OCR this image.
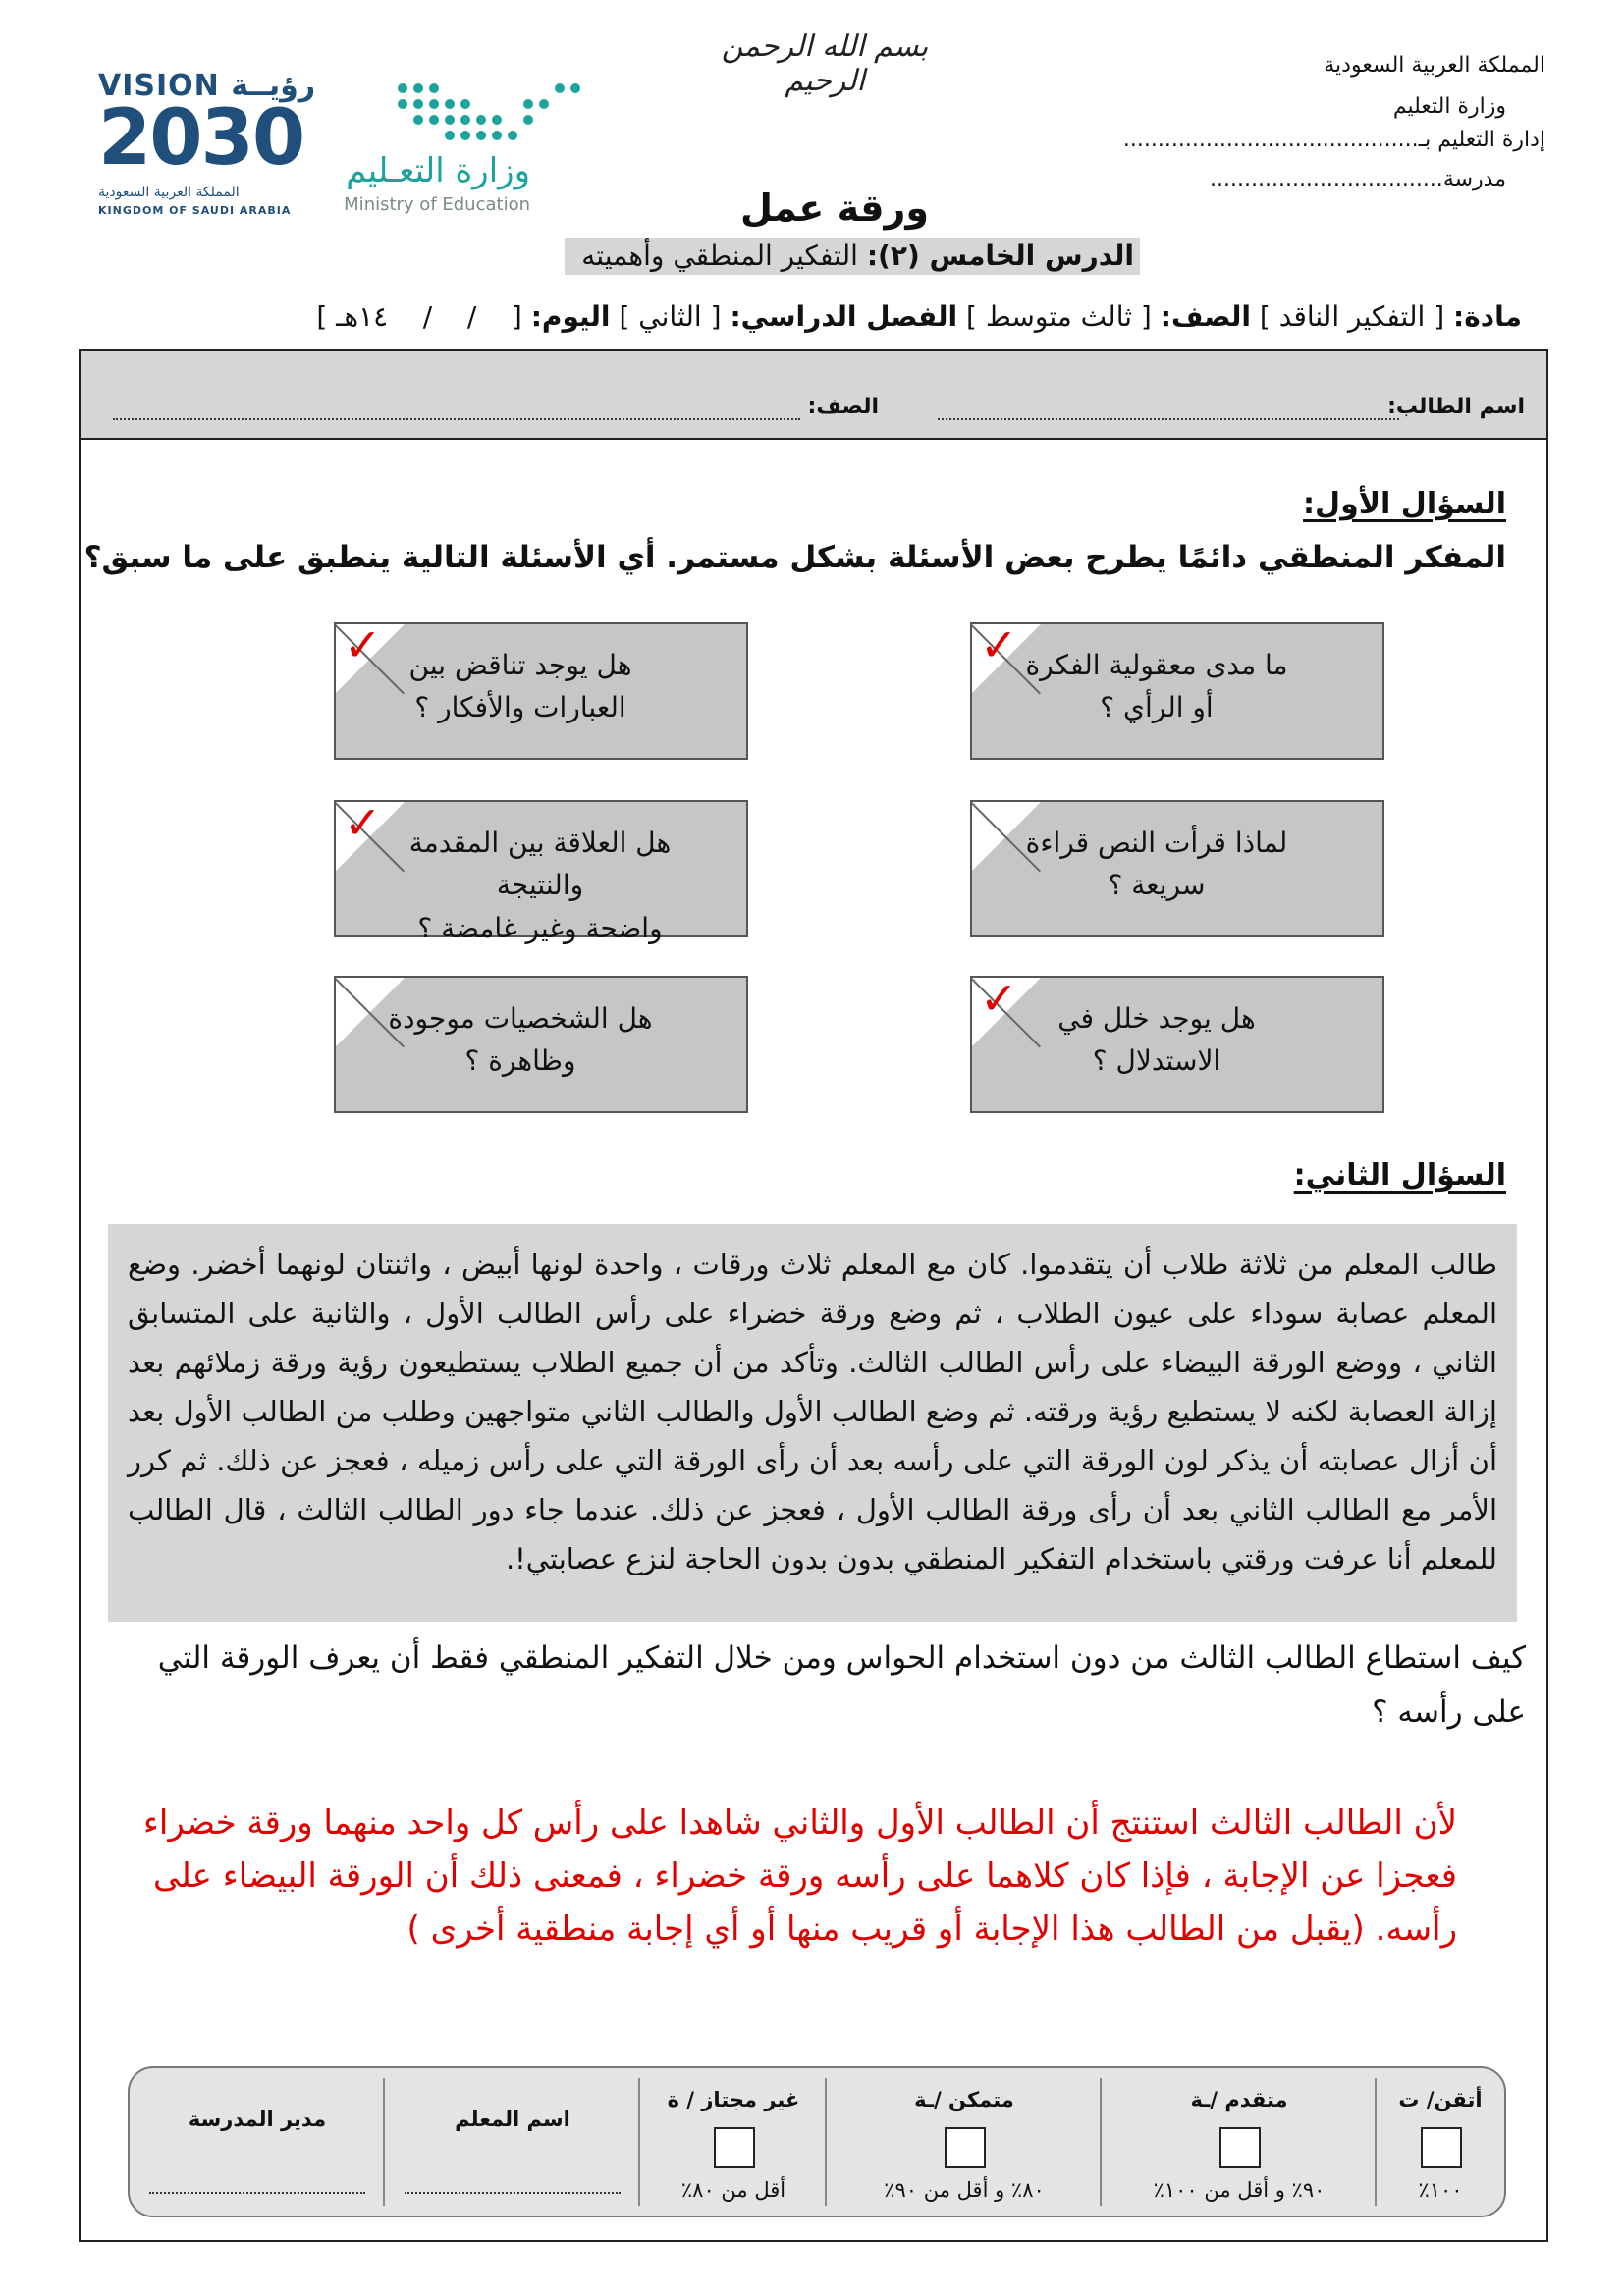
المملكة العربية السعودية
وزارة التعليم
إدارة التعليم بـ...........................................
مدرسة..................................
بسم الله الرحمن الرحيم
VISION رؤيــة
2030
المملكة العربية السعودية
KINGDOM OF SAUDI ARABIA
وزارة التعـليم
Ministry of Education	ورقة عمل
الدرس الخامس (٢): التفكير المنطقي وأهميته
مادة: [ التفكير الناقد ] الصف: [ ثالث متوسط ] الفصل الدراسي: [ الثاني ] اليوم: [    /    /    ١٤هـ ]
اسم الطالب:
الصف:
السؤال الأول:
المفكر المنطقي دائمًا يطرح بعض الأسئلة بشكل مستمر. أي الأسئلة التالية ينطبق على ما سبق؟
✓ ما مدى معقولية الفكرة
أو الرأي ؟
✓ هل يوجد تناقض بين
العبارات والأفكار ؟
لماذا قرأت النص قراءة
سريعة ؟
✓	هل العلاقة بين المقدمة والنتيجة
واضحة وغير غامضة ؟
✓	هل يوجد خلل في
الاستدلال ؟
هل الشخصيات موجودة
وظاهرة ؟
السؤال الثاني:

طالب المعلم من ثلاثة طلاب أن يتقدموا. كان مع المعلم ثلاث ورقات ، واحدة لونها أبيض ، واثنتان لونهما أخضر. وضع المعلم عصابة سوداء على عيون الطلاب ، ثم وضع ورقة خضراء على رأس الطالب الأول ، والثانية على المتسابق الثاني ، ووضع الورقة البيضاء على رأس الطالب الثالث. وتأكد من أن جميع الطلاب يستطيعون رؤية ورقة زملائهم بعد إزالة العصابة لكنه لا يستطيع رؤية ورقته. ثم وضع الطالب الأول والطالب الثاني متواجهين وطلب من الطالب الأول بعد أن أزال عصابته أن يذكر لون الورقة التي على رأسه بعد أن رأى الورقة التي على رأس زميله ، فعجز عن ذلك. ثم كرر الأمر مع الطالب الثاني بعد أن رأى ورقة الطالب الأول ، فعجز عن ذلك. عندما جاء دور الطالب الثالث ، قال الطالب للمعلم أنا عرفت ورقتي باستخدام التفكير المنطقي بدون بدون الحاجة لنزع عصابتي!.

كيف استطاع الطالب الثالث من دون استخدام الحواس ومن خلال التفكير المنطقي فقط أن يعرف الورقة التي على رأسه ؟
لأن الطالب الثالث استنتج أن الطالب الأول والثاني شاهدا على رأس كل واحد منهما ورقة خضراء فعجزا عن الإجابة ، فإذا كان كلاهما على رأسه ورقة خضراء ، فمعنى ذلك أن الورقة البيضاء على رأسه. (يقبل من الطالب هذا الإجابة أو قريب منها أو أي إجابة منطقية أخرى )
أتقن/ ت
١٠٠٪
متقدم /ـة
٩٠٪ و أقل من ١٠٠٪
متمكن /ـة
٨٠٪ و أقل من ٩٠٪
غير مجتاز / ة
أقل من ٨٠٪
اسم المعلم
مدير المدرسة
